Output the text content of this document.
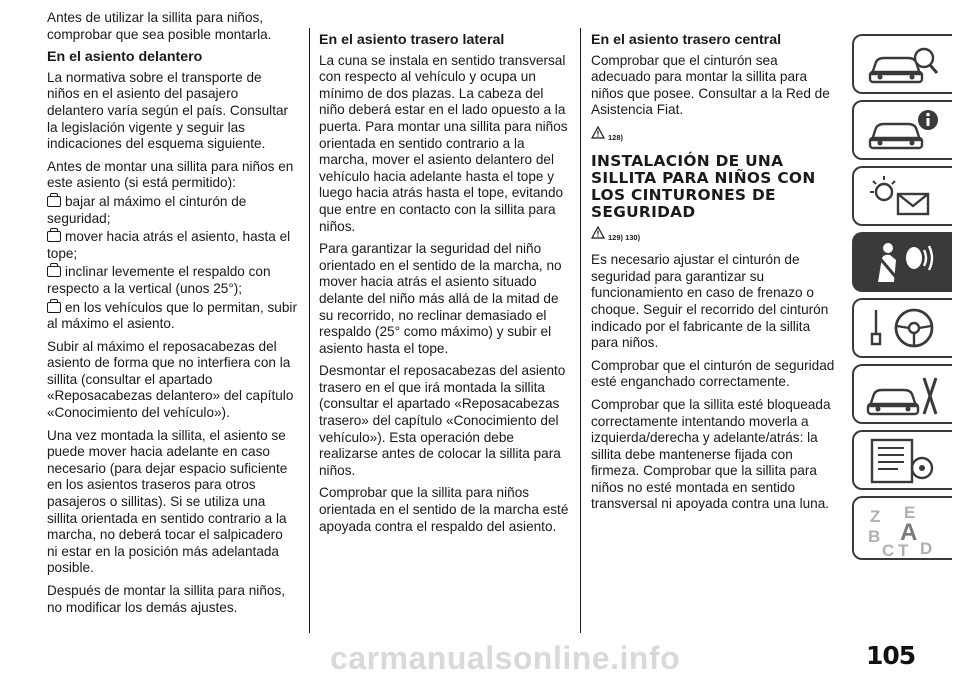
Antes de utilizar la sillita para niños, comprobar que sea posible montarla.

En el asiento delantero

La normativa sobre el transporte de niños en el asiento del pasajero delantero varía según el país. Consultar la legislación vigente y seguir las indicaciones del esquema siguiente.

Antes de montar una sillita para niños en este asiento (si está permitido):

bajar al máximo el cinturón de seguridad;
mover hacia atrás el asiento, hasta el tope;
inclinar levemente el respaldo con respecto a la vertical (unos 25°);
en los vehículos que lo permitan, subir al máximo el asiento.

Subir al máximo el reposacabezas del asiento de forma que no interfiera con la sillita (consultar el apartado «Reposacabezas delantero» del capítulo «Conocimiento del vehículo»).

Una vez montada la sillita, el asiento se puede mover hacia adelante en caso necesario (para dejar espacio suficiente en los asientos traseros para otros pasajeros o sillitas). Si se utiliza una sillita orientada en sentido contrario a la marcha, no deberá tocar el salpicadero ni estar en la posición más adelantada posible.

Después de montar la sillita para niños, no modificar los demás ajustes.

En el asiento trasero lateral

La cuna se instala en sentido transversal con respecto al vehículo y ocupa un mínimo de dos plazas. La cabeza del niño deberá estar en el lado opuesto a la puerta. Para montar una sillita para niños orientada en sentido contrario a la marcha, mover el asiento delantero del vehículo hacia adelante hasta el tope y luego hacia atrás hasta el tope, evitando que entre en contacto con la sillita para niños.

Para garantizar la seguridad del niño orientado en el sentido de la marcha, no mover hacia atrás el asiento situado delante del niño más allá de la mitad de su recorrido, no reclinar demasiado el respaldo (25° como máximo) y subir el asiento hasta el tope.

Desmontar el reposacabezas del asiento trasero en el que irá montada la sillita (consultar el apartado «Reposacabezas trasero» del capítulo «Conocimiento del vehículo»). Esta operación debe realizarse antes de colocar la sillita para niños.

Comprobar que la sillita para niños orientada en el sentido de la marcha esté apoyada contra el respaldo del asiento.

En el asiento trasero central

Comprobar que el cinturón sea adecuado para montar la sillita para niños que posee. Consultar a la Red de Asistencia Fiat.

128)
INSTALACIÓN DE UNA SILLITA PARA NIÑOS CON LOS CINTURONES DE SEGURIDAD
129) 130)

Es necesario ajustar el cinturón de seguridad para garantizar su funcionamiento en caso de frenazo o choque. Seguir el recorrido del cinturón indicado por el fabricante de la sillita para niños.

Comprobar que el cinturón de seguridad esté enganchado correctamente.

Comprobar que la sillita esté bloqueada correctamente intentando moverla a izquierda/derecha y adelante/atrás: la sillita debe mantenerse fijada con firmeza. Comprobar que la sillita para niños no esté montada en sentido transversal ni apoyada contra una luna.

Z E
B A
C T D
carmanualsonline.info	105
